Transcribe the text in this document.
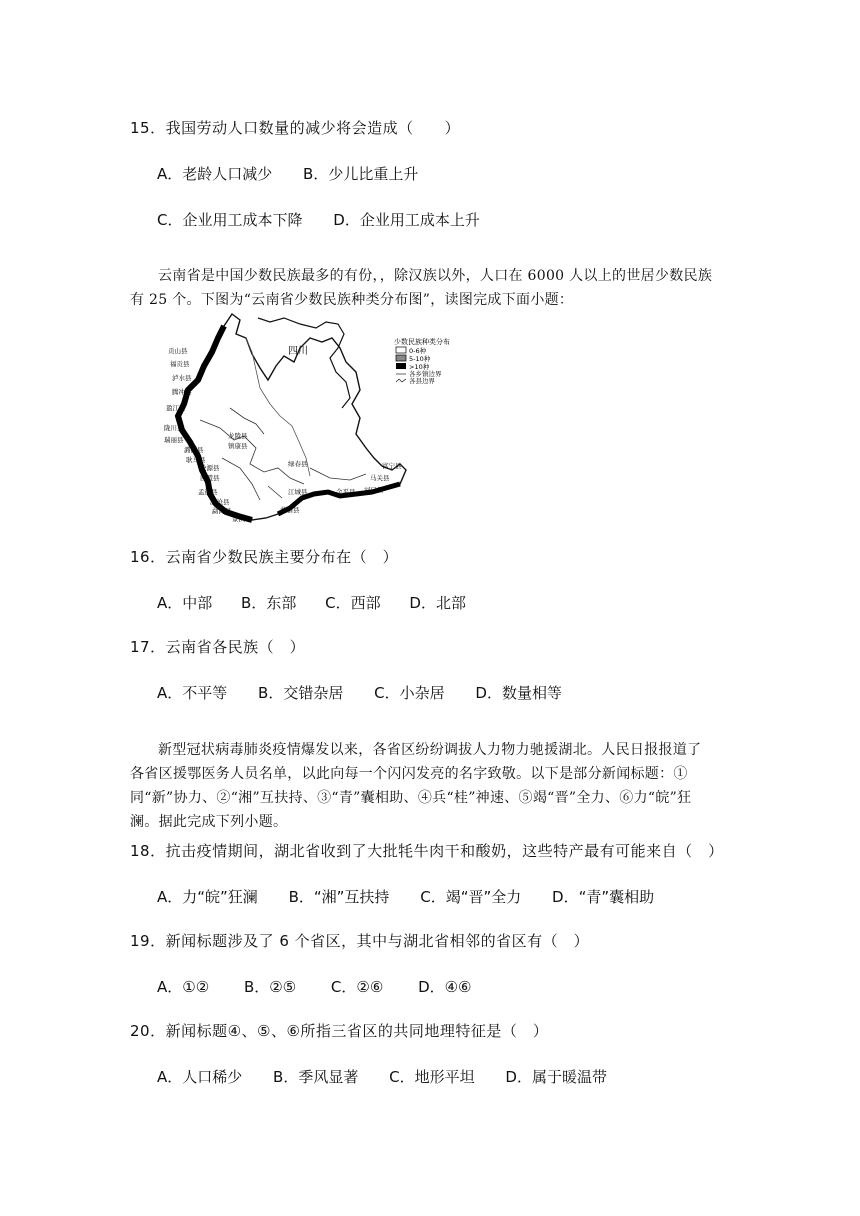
15．我国劳动人口数量的减少将会造成（　　）
A．老龄人口减少 B．少儿比重上升
C．企业用工成本下降 D．企业用工成本上升
云南省是中国少数民族最多的有份，，除汉族以外，人口在 6000 人以上的世居少数民族有 25 个。下图为“云南省少数民族种类分布图”，读图完成下面小题：
四川
少数民族种类分布
0-6种
5-10种
>10种
各乡镇边界
各县边界
贡山县
福贡县
泸水县
腾冲县
盈江县
陇川县
瑞丽县
潞西县
龙陵县
镇康县
耿马县
沧源县
西盟县
孟连县
澜沧县
勐海县
景洪市
勐腊县
江城县
绿春县
金平县 河口县
马关县
富宁县
16．云南省少数民族主要分布在（　）
A．中部 B．东部 C．西部 D．北部
17．云南省各民族（　）
A．不平等 B．交错杂居 C．小杂居 D．数量相等
新型冠状病毒肺炎疫情爆发以来，各省区纷纷调拔人力物力驰援湖北。人民日报报道了各省区援鄂医务人员名单，以此向每一个闪闪发亮的名字致敬。以下是部分新闻标题：①同“新”协力、②“湘”互扶持、③“青”囊相助、④兵“桂”神速、⑤竭“晋”全力、⑥力“皖”狂澜。据此完成下列小题。
18．抗击疫情期间，湖北省收到了大批牦牛肉干和酸奶，这些特产最有可能来自（　）
A．力“皖”狂澜 B．“湘”互扶持 C．竭“晋”全力 D．“青”囊相助
19．新闻标题涉及了 6 个省区，其中与湖北省相邻的省区有（　）
A．①② B．②⑤ C．②⑥ D．④⑥
20．新闻标题④、⑤、⑥所指三省区的共同地理特征是（　）
A．人口稀少 B．季风显著 C．地形平坦 D．属于暖温带
